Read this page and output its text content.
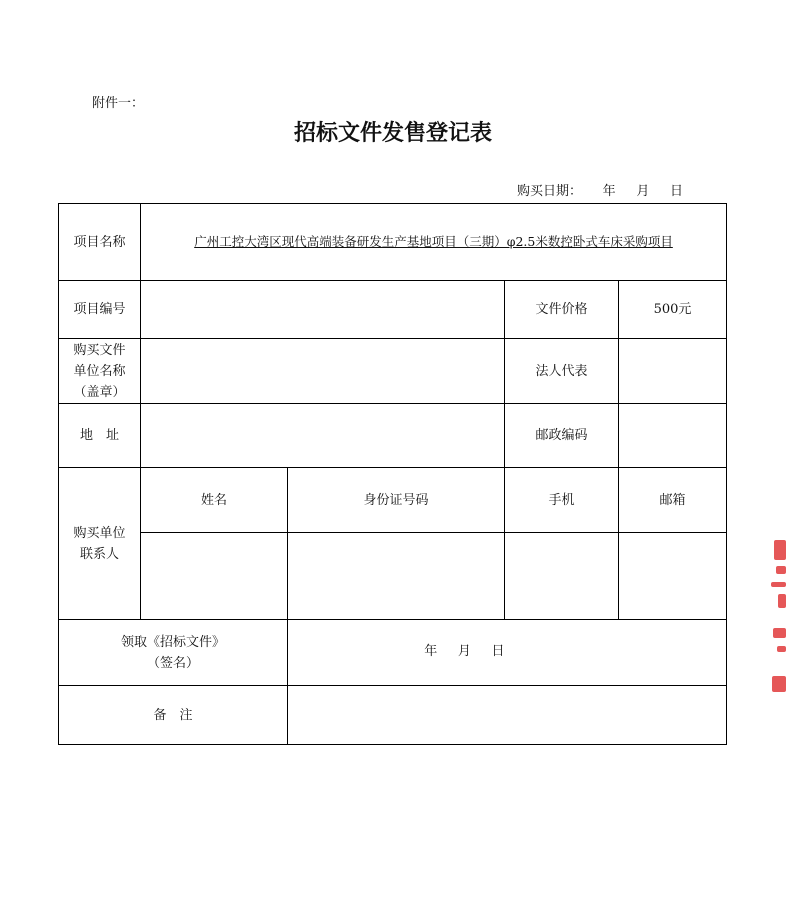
附件一：
招标文件发售登记表
购买日期：     年     月     日
项目名称	广州工控大湾区现代高端装备研发生产基地项目（三期）φ2.5米数控卧式车床采购项目			
项目编号			文件价格	500元

购买文件
单位名称
（盖章）			法人代表	
地　址			邮政编码	

购买单位
联系人	姓名	身份证号码	手机	邮箱

领取《招标文件》
（签名）		年     月     日		

备　注				
